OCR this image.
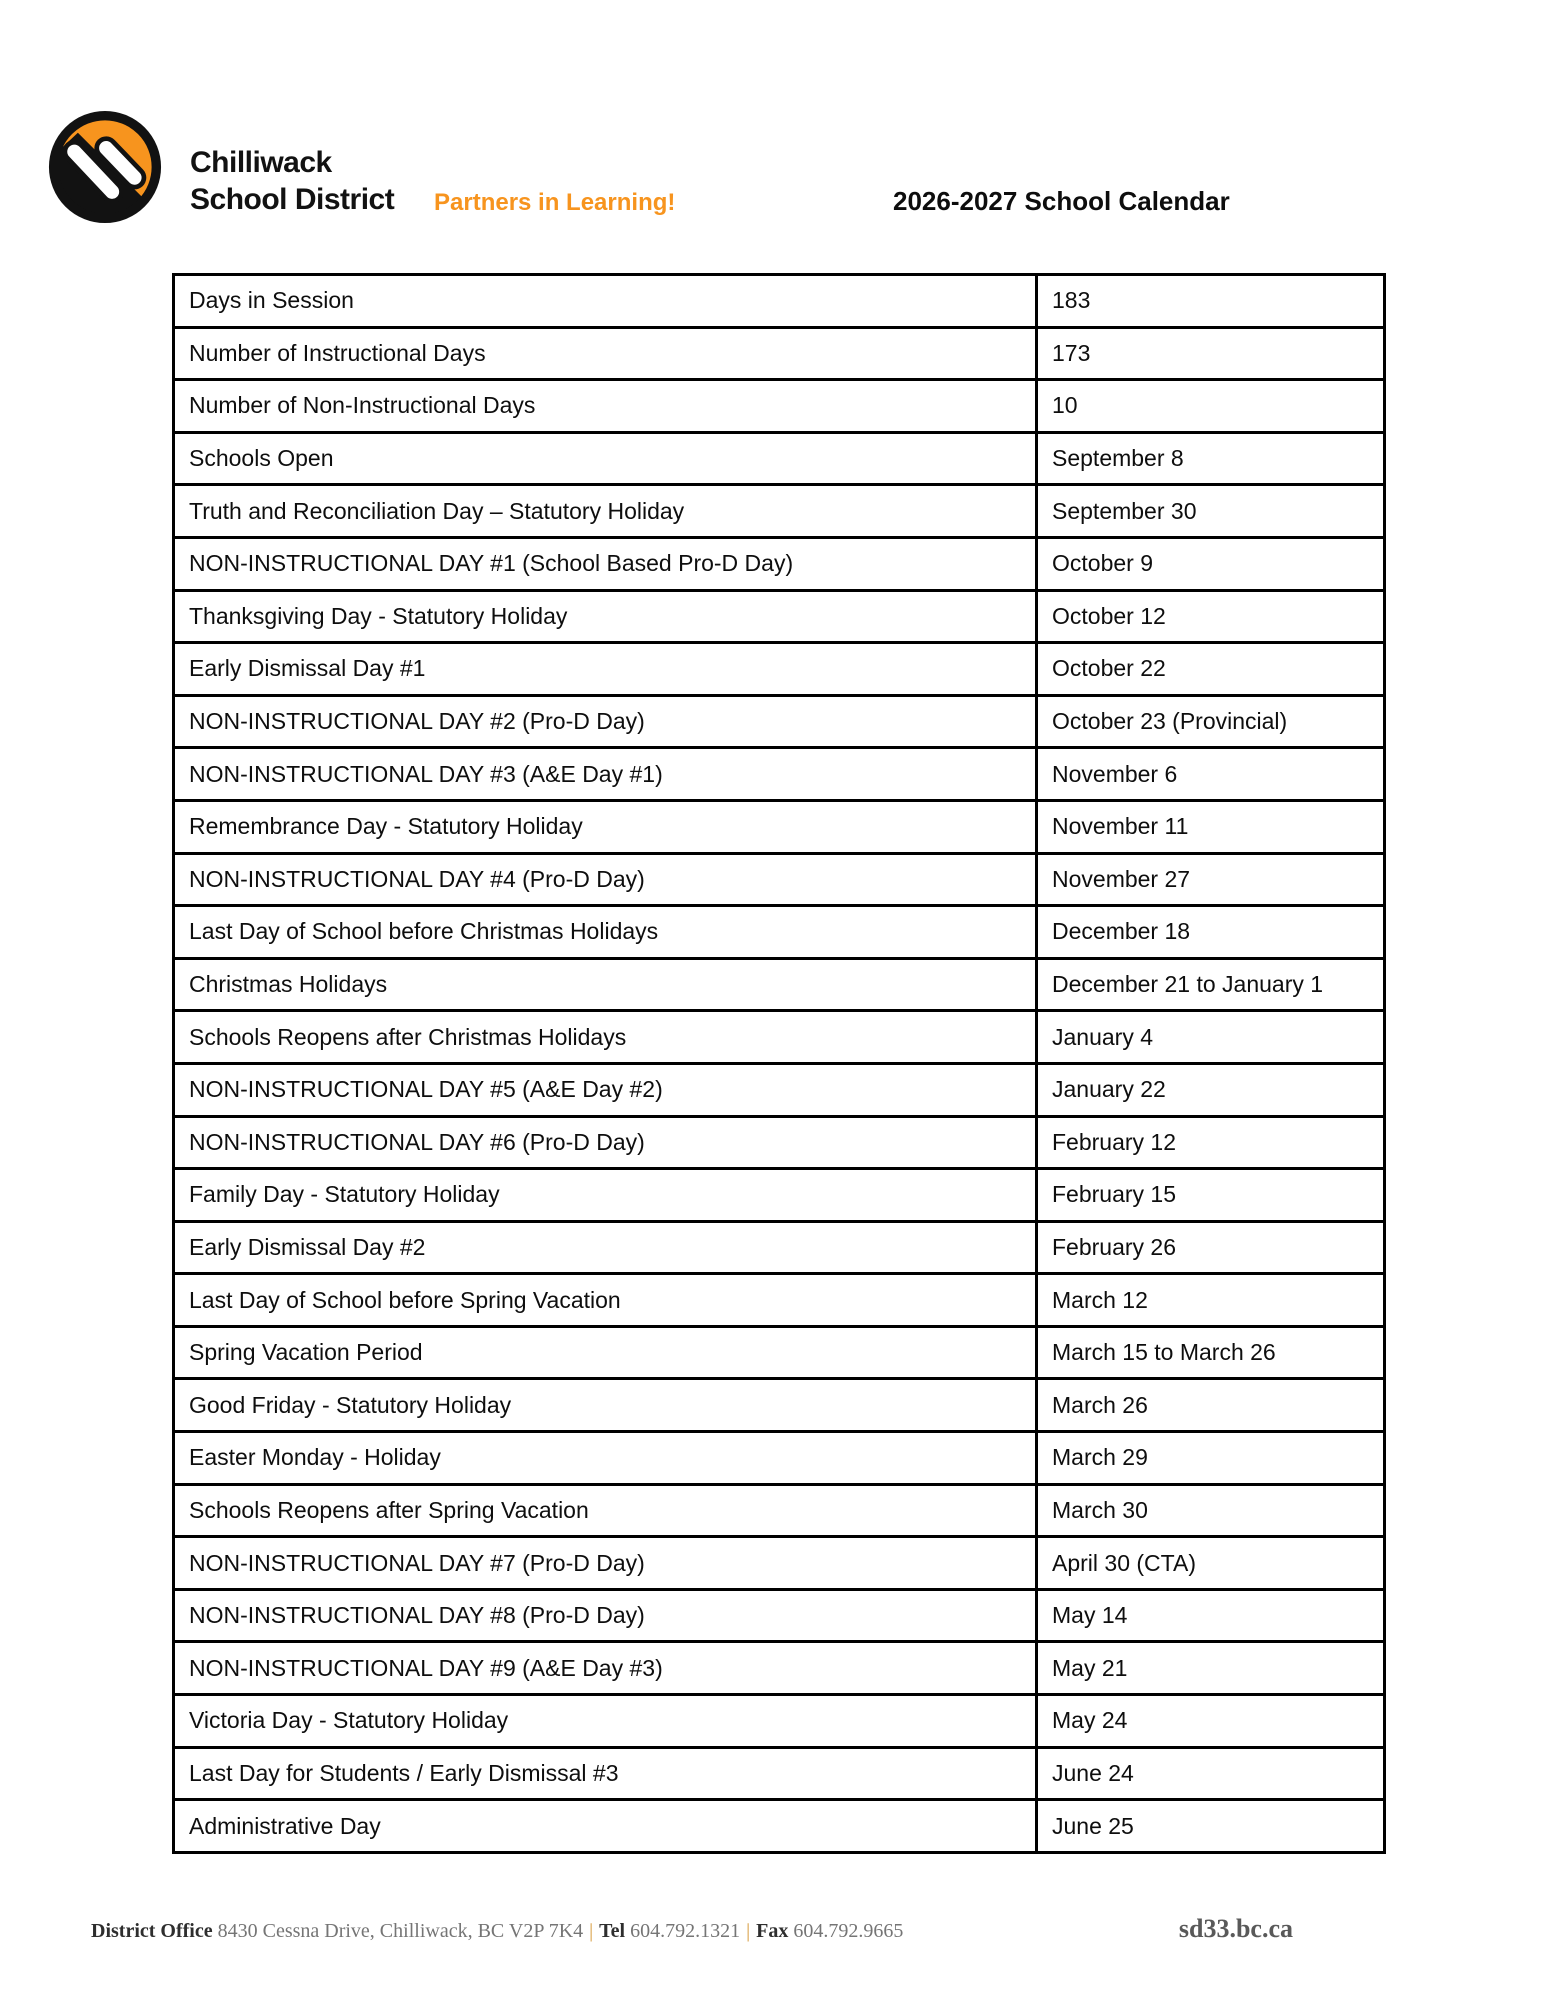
Chilliwack
School District Partners in Learning!	2026-2027 School Calendar
Days in Session	183
Number of Instructional Days	173
Number of Non-Instructional Days	10
Schools Open	September 8
Truth and Reconciliation Day – Statutory Holiday	September 30
NON-INSTRUCTIONAL DAY #1 (School Based Pro-D Day)	October 9
Thanksgiving Day - Statutory Holiday	October 12
Early Dismissal Day #1	October 22
NON-INSTRUCTIONAL DAY #2 (Pro-D Day)	October 23 (Provincial)
NON-INSTRUCTIONAL DAY #3 (A&E Day #1)	November 6
Remembrance Day - Statutory Holiday	November 11
NON-INSTRUCTIONAL DAY #4 (Pro-D Day)	November 27
Last Day of School before Christmas Holidays	December 18
Christmas Holidays	December 21 to January 1
Schools Reopens after Christmas Holidays	January 4
NON-INSTRUCTIONAL DAY #5 (A&E Day #2)	January 22
NON-INSTRUCTIONAL DAY #6 (Pro-D Day)	February 12
Family Day - Statutory Holiday	February 15
Early Dismissal Day #2	February 26
Last Day of School before Spring Vacation	March 12
Spring Vacation Period	March 15 to March 26
Good Friday - Statutory Holiday	March 26
Easter Monday - Holiday	March 29
Schools Reopens after Spring Vacation	March 30
NON-INSTRUCTIONAL DAY #7 (Pro-D Day)	April 30 (CTA)
NON-INSTRUCTIONAL DAY #8 (Pro-D Day)	May 14
NON-INSTRUCTIONAL DAY #9 (A&E Day #3)	May 21
Victoria Day - Statutory Holiday	May 24
Last Day for Students / Early Dismissal #3	June 24
Administrative Day	June 25
District Office 8430 Cessna Drive, Chilliwack, BC V2P 7K4 | Tel 604.792.1321 | Fax 604.792.9665	sd33.bc.ca
